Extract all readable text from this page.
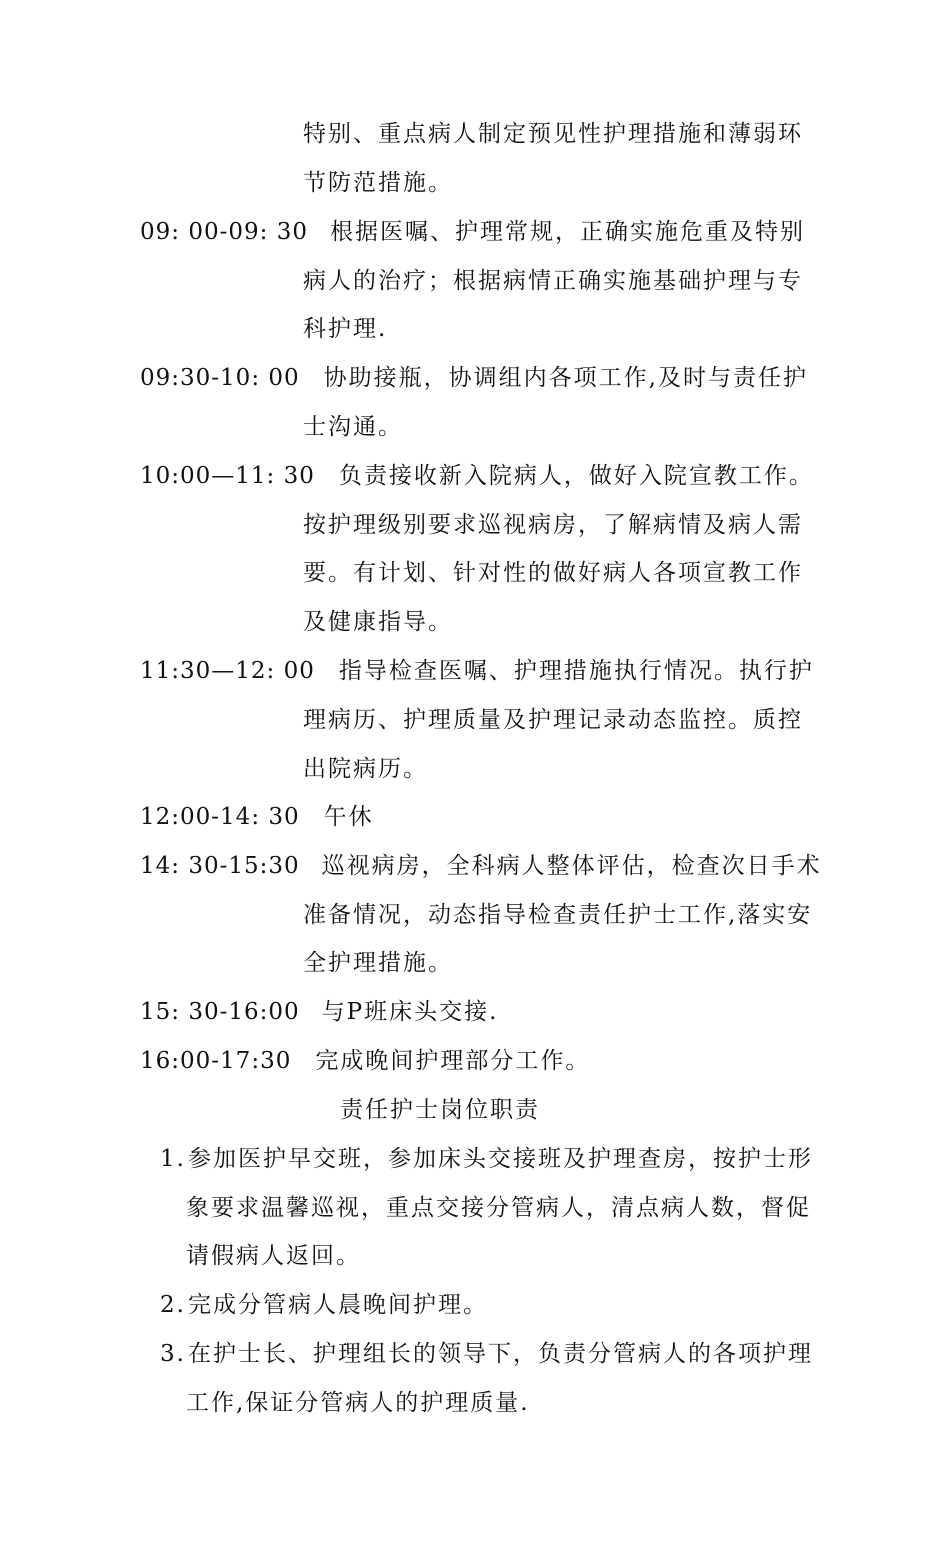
特别、重点病人制定预见性护理措施和薄弱环
节防范措施。
09: 00-09: 30 根据医嘱、护理常规，正确实施危重及特别
病人的治疗；根据病情正确实施基础护理与专
科护理.
09:30-10: 00 协助接瓶，协调组内各项工作,及时与责任护
士沟通。
10:00—11: 30 负责接收新入院病人，做好入院宣教工作。
按护理级别要求巡视病房，了解病情及病人需
要。有计划、针对性的做好病人各项宣教工作
及健康指导。
11:30—12: 00 指导检查医嘱、护理措施执行情况。执行护
理病历、护理质量及护理记录动态监控。质控
出院病历。
12:00-14: 30 午休
14: 30-15:30 巡视病房，全科病人整体评估，检查次日手术
准备情况，动态指导检查责任护士工作,落实安
全护理措施。
15: 30-16:00 与P班床头交接.
16:00-17:30 完成晚间护理部分工作。
责任护士岗位职责
1.参加医护早交班，参加床头交接班及护理查房，按护士形
象要求温馨巡视，重点交接分管病人，清点病人数，督促
请假病人返回。
2.完成分管病人晨晚间护理。
3.在护士长、护理组长的领导下，负责分管病人的各项护理
工作,保证分管病人的护理质量.
